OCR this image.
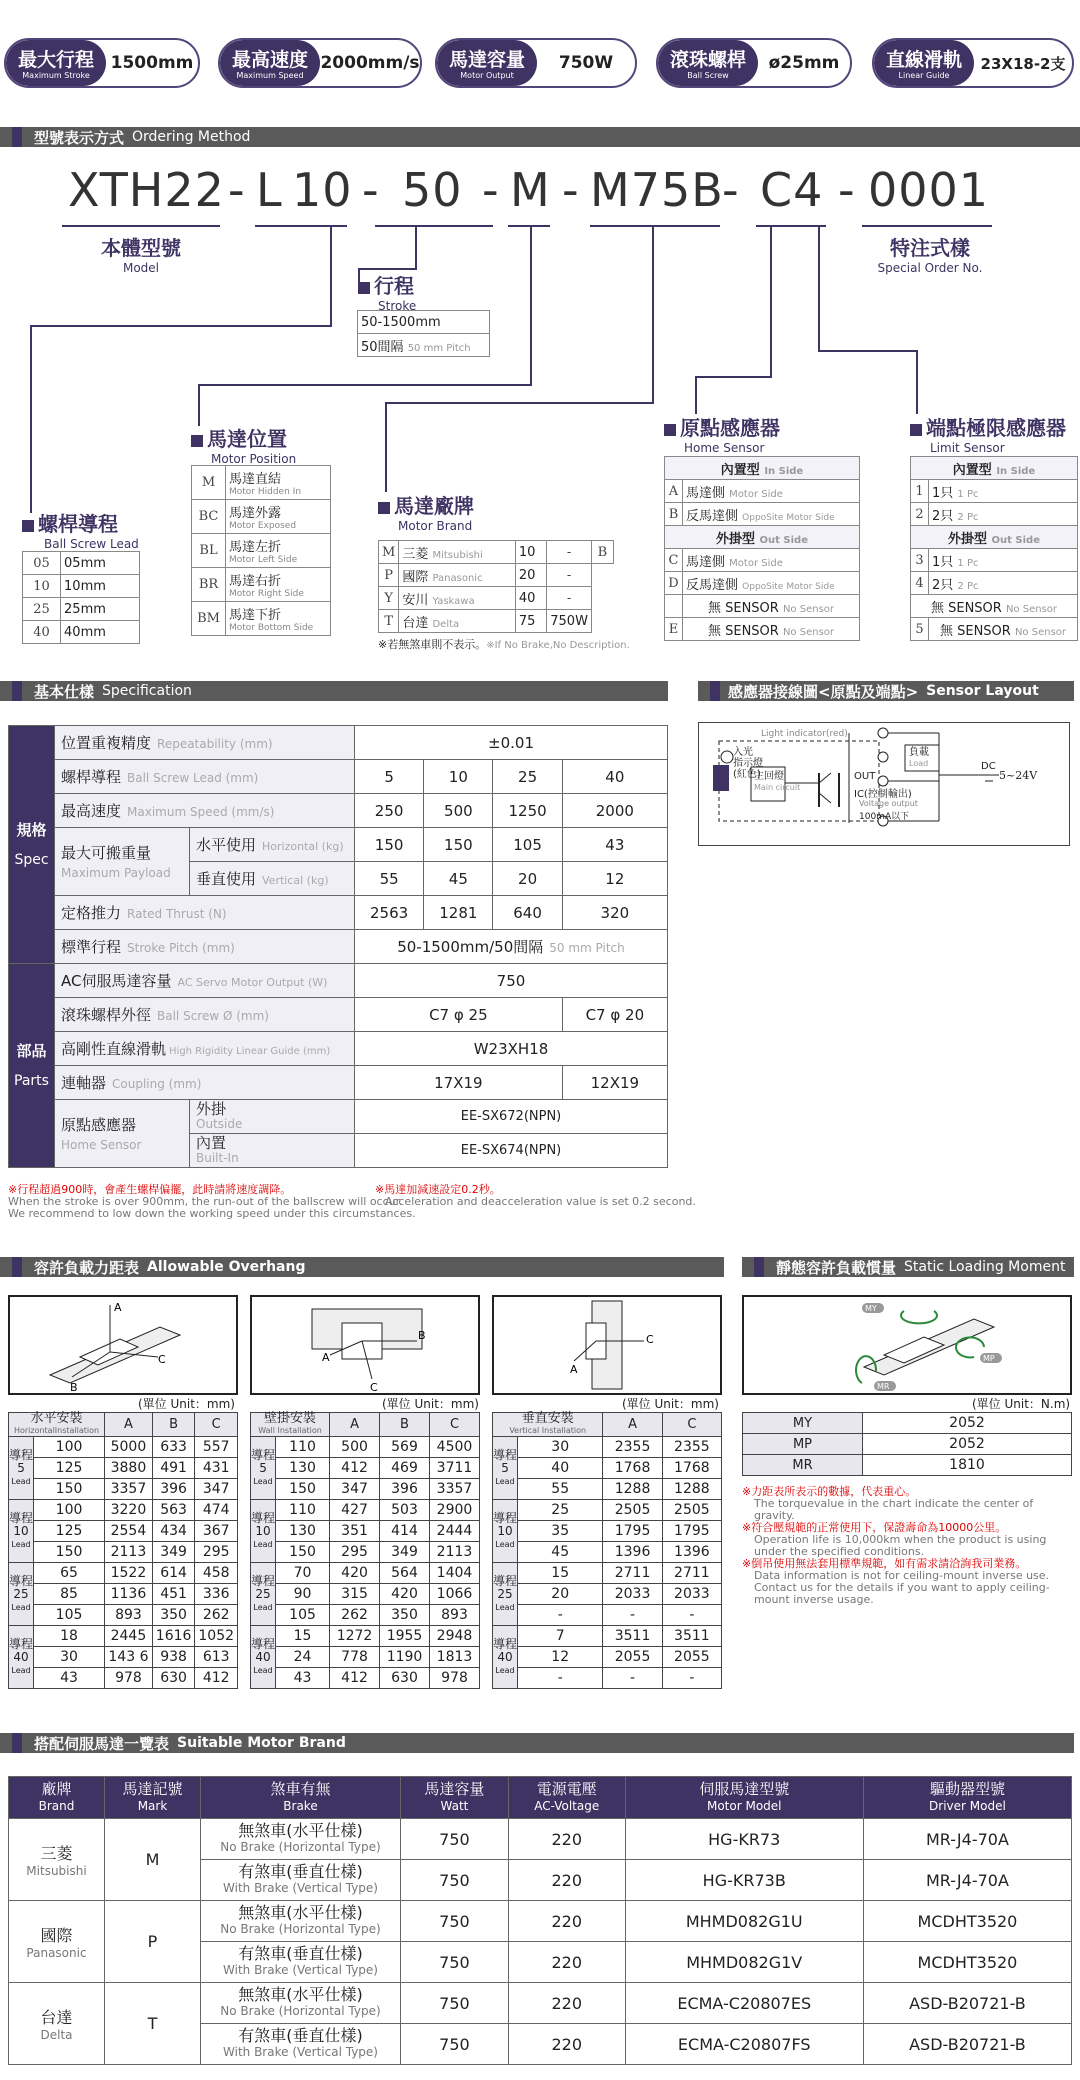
最大行程
Maximum Stroke
1500mm 最高速度
Maximum Speed
2000mm/s 馬達容量
Motor Output
750W	滾珠螺桿
Ball Screw
ø25mm	直線滑軌
Linear Guide
23X18-2支
型號表示方式 Ordering Method
XTH22 - L 10 - 50 - M - M75B
- C4 - 0001
本體型號
Model
特注式樣
Special Order No.
行程
Stroke
50-1500mm
50間隔 50 mm Pitch
螺桿導程
Ball Screw Lead
05	05mm
10	10mm
25	25mm
40	40mm
馬達位置
Motor Position
M	馬達直結
Motor Hidden In

BC	馬達外露
Motor Exposed

BL	馬達左折
Motor Left Side

BR	馬達右折
Motor Right Side

BM	馬達下折
Motor Bottom Side
馬達廠牌
Motor Brand
M	三菱 Mitsubishi	10	-	B
P	國際 Panasonic	20	-	
Y	安川 Yaskawa	40	-	
T	台達 Delta	75	750W	
※若無煞車則不表示。※If No Brake,No Description.
原點感應器
Home Sensor
內置型 In Side	
A	馬達側 Motor Side
B	反馬達側 OppoSite Motor Side
外掛型 Out Side	
C	馬達側 Motor Side
D	反馬達側 OppoSite Motor Side
	無 SENSOR No Sensor
E	無 SENSOR No Sensor
端點極限感應器
Limit Sensor
內置型 In Side	
1	1只 1 Pc
2	2只 2 Pc
外掛型 Out Side	
3	1只 1 Pc
4	2只 2 Pc
無 SENSOR No Sensor	
5	無 SENSOR No Sensor
基本仕樣 Specification	感應器接線圖<原點及端點> Sensor Layout
規格
Spec	位置重複精度 Repeatability (mm)		±0.01			
	螺桿導程 Ball Screw Lead (mm)		5	10	25	40
	最高速度 Maximum Speed (mm/s)		250	500	1250	2000
	最大可搬重量
Maximum Payload	水平使用 Horizontal (kg)	150	150	105	43
		垂直使用 Vertical (kg)	55	45	20	12
	定格推力 Rated Thrust (N)		2563	1281	640	320
	標準行程 Stroke Pitch (mm)		50-1500mm/50間隔 50 mm Pitch			
部品
Parts	AC伺服馬達容量 AC Servo Motor Output (W)		750			
	滾珠螺桿外徑 Ball Screw Ø (mm)		C7 φ 25			C7 φ 20
	高剛性直線滑軌 High Rigidity Linear Guide (mm)		W23XH18			
	連軸器 Coupling (mm)		17X19			12X19
	原點感應器
Home Sensor	外掛
Outside	EE-SX672(NPN)			
		內置
Built-In	EE-SX674(NPN)			
※行程超過900時，會產生螺桿偏擺，此時請將速度調降。
When the stroke is over 900mm, the run-out of the ballscrew will occur.
We recommend to low down the working speed under this circumstances.
※馬達加減速設定0.2秒。
Acceleration and deacceleration value is set 0.2 second.
Light indicator(red)
入光
指示燈
(紅色)
主回燈
Main circuit
負載
Load
OUT
IC(控制輸出)
Voltage output
100mA以下
DC
5~24V
容許負載力距表 Allowable Overhang	靜態容許負載慣量 Static Loading Moment
A
C
B
A
B
C
A
C
MY
MP
MR
(單位 Unit：mm)	(單位 Unit：mm)	(單位 Unit：mm)	(單位 Unit：N.m)
水平安裝
HorizontalInstallation		A	B	C

導程
5
Lead	100	5000	633	557
	125	3880	491	431
	150	3357	396	347

導程
10
Lead	100	3220	563	474
	125	2554	434	367
	150	2113	349	295

導程
25
Lead	65	1522	614	458
	85	1136	451	336
	105	893	350	262

導程
40
Lead	18	2445	1616	1052
	30	143 6	938	613
	43	978	630	412
壁掛安裝
Wall Installation		A	B	C

導程
5
Lead	110	500	569	4500
	130	412	469	3711
	150	347	396	3357

導程
10
Lead	110	427	503	2900
	130	351	414	2444
	150	295	349	2113

導程
25
Lead	70	420	564	1404
	90	315	420	1066
	105	262	350	893

導程
40
Lead	15	1272	1955	2948
	24	778	1190	1813
	43	412	630	978
垂直安裝
Vertical Installation		A	C

導程
5
Lead	30	2355	2355
	40	1768	1768
	55	1288	1288

導程
10
Lead	25	2505	2505
	35	1795	1795
	45	1396	1396

導程
25
Lead	15	2711	2711
	20	2033	2033
	-	-	-

導程
40
Lead	7	3511	3511
	12	2055	2055
	-	-	-
MY	2052
MP	2052
MR	1810
※力距表所表示的數據，代表重心。

The torquevalue in the chart indicate the center of gravity.
※符合壓規範的正常使用下，保證壽命為10000公里。

Operation life is 10,000km when the product is using under the specified conditions.
※倒吊使用無法套用標準規範，如有需求請洽詢我司業務。

Data information is not for ceiling-mount inverse use. Contact us for the details if you want to apply ceiling-mount inverse usage.
搭配伺服馬達一覽表 Suitable Motor Brand
廠牌
Brand	馬達記號
Mark	煞車有無
Brake	馬達容量
Watt	電源電壓
AC-Voltage	伺服馬達型號
Motor Model	驅動器型號
Driver Model

三菱
Mitsubishi	M	無煞車(水平仕樣)
No Brake (Horizontal Type)	750	220	HG-KR73	MR-J4-70A
		有煞車(垂直仕樣)
With Brake (Vertical Type)	750	220	HG-KR73B	MR-J4-70A
國際
Panasonic	P	無煞車(水平仕樣)
No Brake (Horizontal Type)	750	220	MHMD082G1U	MCDHT3520
		有煞車(垂直仕樣)
With Brake (Vertical Type)	750	220	MHMD082G1V	MCDHT3520
台達
Delta	T	無煞車(水平仕樣)
No Brake (Horizontal Type)	750	220	ECMA-C20807ES	ASD-B20721-B
		有煞車(垂直仕樣)
With Brake (Vertical Type)	750	220	ECMA-C20807FS	ASD-B20721-B
